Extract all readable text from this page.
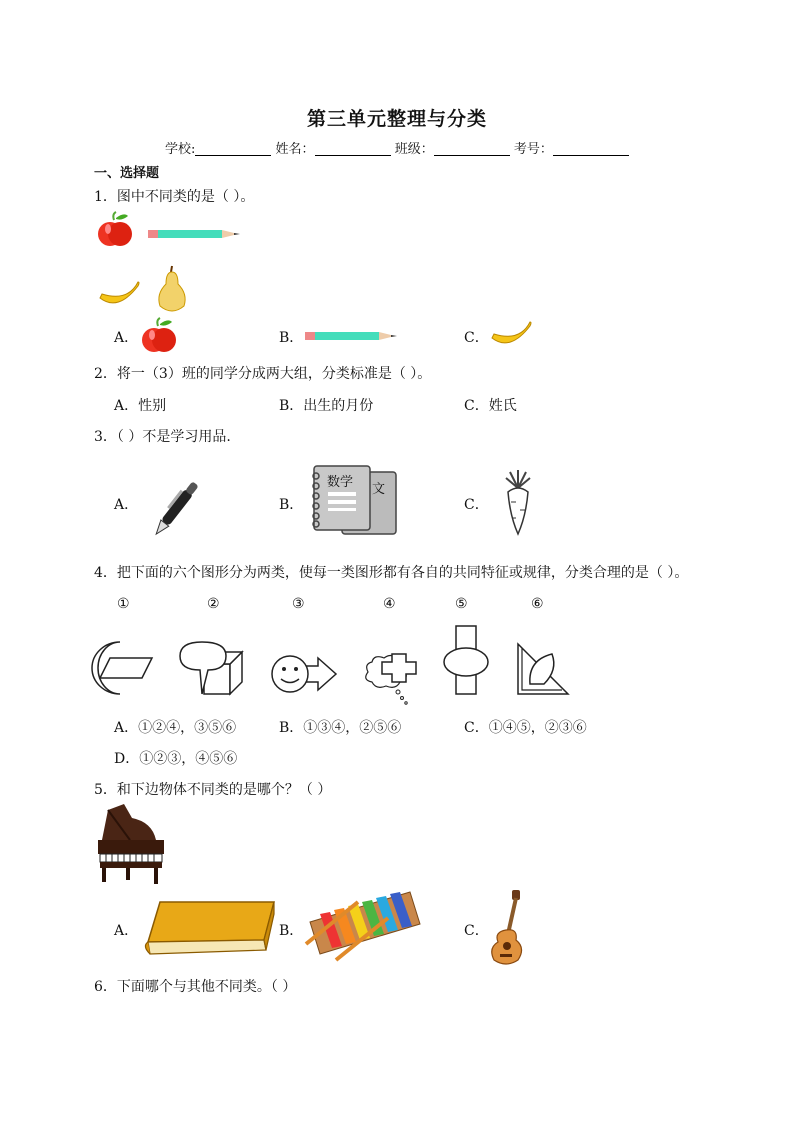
第三单元整理与分类
学校:	姓名：	班级：	考号：
一、选择题
1．图中不同类的是（ ）。
A．	B．	C．
2．将一（3）班的同学分成两大组，分类标准是（ ）。
A．性别	B．出生的月份	C．姓氏
3．（ ）不是学习用品.
A．	B．
数学 文
C．
4．把下面的六个图形分为两类，使每一类图形都有各自的共同特征或规律，分类合理的是（ ）。
①	②	③	④	⑤	⑥
A．①②④，③⑤⑥	B．①③④，②⑤⑥	C．①④⑤，②③⑥
D．①②③，④⑤⑥
5．和下边物体不同类的是哪个？（ ）
A．	B．	C．
6．下面哪个与其他不同类。（ ）
